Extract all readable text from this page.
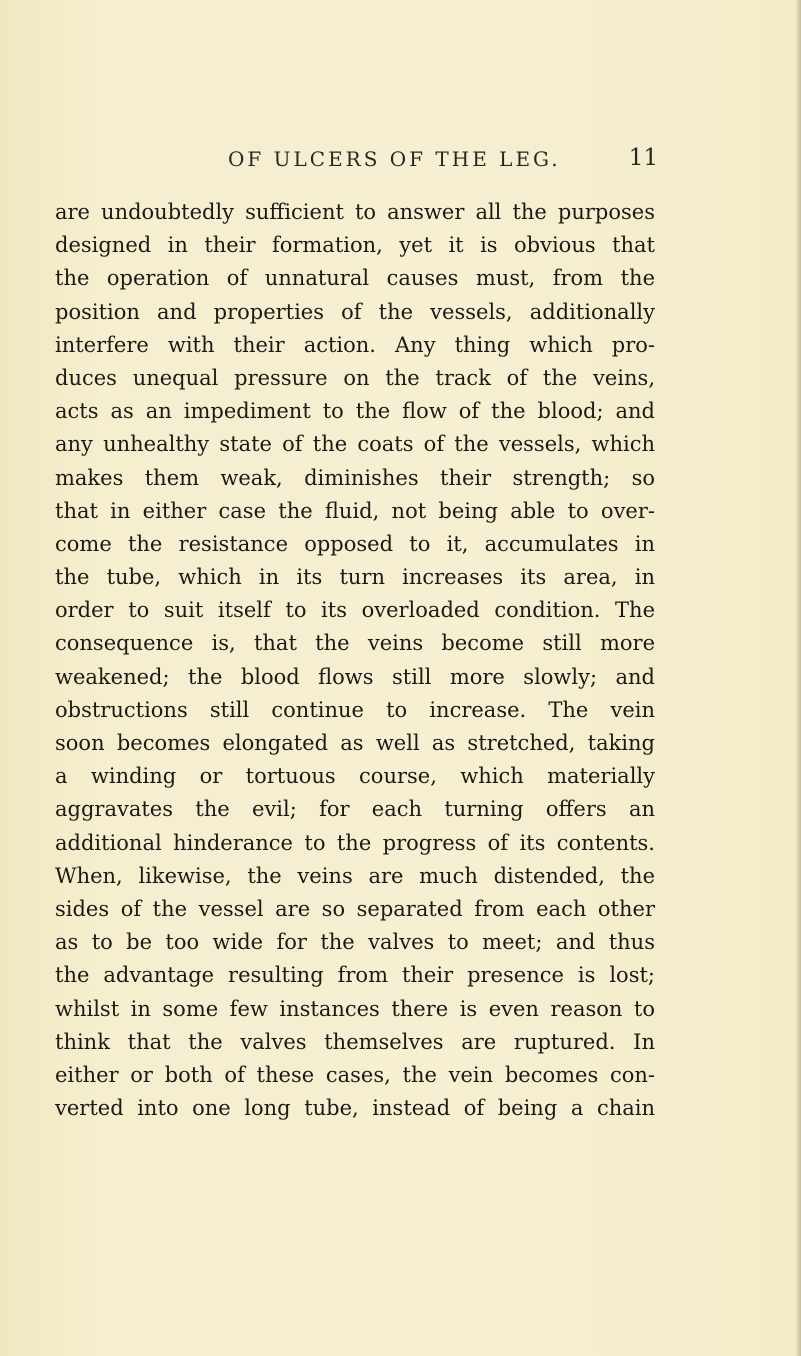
OF ULCERS OF THE LEG.	11
are undoubtedly sufficient to answer all the purposes
designed in their formation, yet it is obvious that
the operation of unnatural causes must, from the
position and properties of the vessels, additionally
interfere with their action. Any thing which pro-
duces unequal pressure on the track of the veins,
acts as an impediment to the flow of the blood; and
any unhealthy state of the coats of the vessels, which
makes them weak, diminishes their strength; so
that in either case the fluid, not being able to over-
come the resistance opposed to it, accumulates in
the tube, which in its turn increases its area, in
order to suit itself to its overloaded condition. The
consequence is, that the veins become still more
weakened; the blood flows still more slowly; and
obstructions still continue to increase. The vein
soon becomes elongated as well as stretched, taking
a winding or tortuous course, which materially
aggravates the evil; for each turning offers an
additional hinderance to the progress of its contents.
When, likewise, the veins are much distended, the
sides of the vessel are so separated from each other
as to be too wide for the valves to meet; and thus
the advantage resulting from their presence is lost;
whilst in some few instances there is even reason to
think that the valves themselves are ruptured. In
either or both of these cases, the vein becomes con-
verted into one long tube, instead of being a chain
